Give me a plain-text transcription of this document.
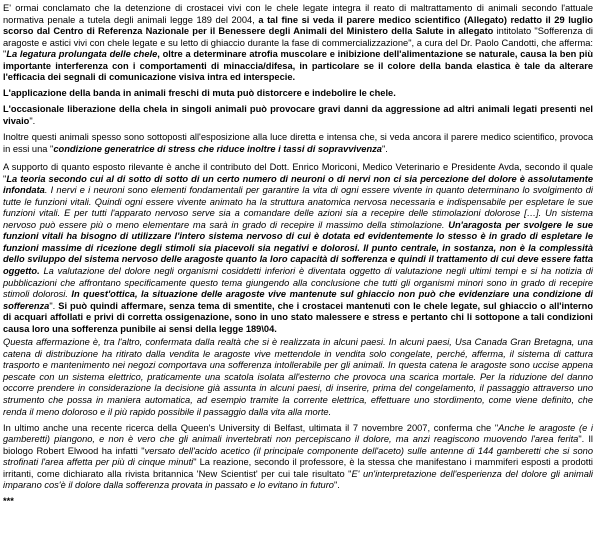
E' ormai conclamato che la detenzione di crostacei vivi con le chele legate integra il reato di maltrattamento di animali secondo l'attuale normativa penale a tutela degli animali legge 189 del 2004, a tal fine si veda il parere medico scientifico (Allegato) redatto il 29 luglio scorso dal Centro di Referenza Nazionale per il Benessere degli Animali del Ministero della Salute in allegato intitolato "Sofferenza di aragoste e astici vivi con chele legate e su letto di ghiaccio durante la fase di commercializzazione", a cura del Dr. Paolo Candotti, che afferma: "La legatura prolungata delle chele, oltre a determinare atrofia muscolare e inibizione dell'alimentazione se naturale, causa la ben più importante interferenza con i comportamenti di minaccia/difesa, in particolare se il colore della banda elastica è tale da alterare l'efficacia dei segnali di comunicazione visiva intra ed interspecie.

L'applicazione della banda in animali freschi di muta può distorcere e indebolire le chele.

L'occasionale liberazione della chela in singoli animali può provocare gravi danni da aggressione ad altri animali legati presenti nel vivaio".

Inoltre questi animali spesso sono sottoposti all'esposizione alla luce diretta e intensa che, si veda ancora il parere medico scientifico, provoca in essi una "condizione generatrice di stress che riduce inoltre i tassi di sopravvivenza".

A supporto di quanto esposto rilevante è anche il contributo del Dott. Enrico Moriconi, Medico Veterinario e Presidente Avda, secondo il quale "La teoria secondo cui al di sotto di sotto di un certo numero di neuroni o di nervi non ci sia percezione del dolore è assolutamente infondata. I nervi e i neuroni sono elementi fondamentali per garantire la vita di ogni essere vivente in quanto determinano lo svolgimento di tutte le funzioni vitali. Quindi ogni essere vivente animato ha la struttura anatomica nervosa necessaria e indispensabile per espletare le sue funzioni vitali. E per tutti l'apparato nervoso serve sia a comandare delle azioni sia a recepire delle stimolazioni dolorose […]. Un sistema nervoso può essere più o meno elementare ma sarà in grado di recepire il massimo della stimolazione. Un'aragosta per svolgere le sue funzioni vitali ha bisogno di utilizzare l'intero sistema nervoso di cui è dotata ed evidentemente lo stesso è in grado di espletare le funzioni massime di ricezione degli stimoli sia piacevoli sia negativi e dolorosi. Il punto centrale, in sostanza, non è la complessità dello sviluppo del sistema nervoso delle aragoste quanto la loro capacità di sofferenza e quindi il trattamento di cui deve essere fatta oggetto. La valutazione del dolore negli organismi cosiddetti inferiori è diventata oggetto di valutazione negli ultimi tempi e si ha notizia di pubblicazioni che affrontano specificamente questo tema giungendo alla conclusione che tutti gli organismi minori sono in grado di recepire stimoli dolorosi. In quest'ottica, la situazione delle aragoste vive mantenute sul ghiaccio non può che evidenziare una condizione di sofferenza". Si può quindi affermare, senza tema di smentite, che i crostacei mantenuti con le chele legate, sul ghiaccio o all'interno di acquari affollati e privi di corretta ossigenazione, sono in uno stato malessere e stress e pertanto chi li sottopone a tali condizioni causa loro una sofferenza punibile ai sensi della legge 189\04.

Questa affermazione è, tra l'altro, confermata dalla realtà che si è realizzata in alcuni paesi. In alcuni paesi, Usa Canada Gran Bretagna, una catena di distribuzione ha ritirato dalla vendita le aragoste vive mettendole in vendita solo congelate, perché, afferma, il sistema di cattura trasporto e mantenimento nei negozi comportava una sofferenza intollerabile per gli animali. In questa catena le aragoste sono uccise appena pescate con un sistema elettrico, praticamente una scatola isolata all'esterno che provoca una scarica mortale. Per la riduzione del danno occorre prendere in considerazione la decisione già assunta in alcuni paesi, di inserire, prima del congelamento, il passaggio attraverso uno strumento che possa in maniera automatica, ad esempio tramite la corrente elettrica, effettuare uno stordimento, come viene definito, che renda il meno doloroso e il più rapido possibile il passaggio dalla vita alla morte.

In ultimo anche una recente ricerca della Queen's University di Belfast, ultimata il 7 novembre 2007, conferma che "Anche le aragoste (e i gamberetti) piangono, e non è vero che gli animali invertebrati non percepiscano il dolore, ma anzi reagiscono muovendo l'area ferita". Il biologo Robert Elwood ha infatti "versato dell'acido acetico (il principale componente dell'aceto) sulle antenne di 144 gamberetti che si sono strofinati l'area affetta per più di cinque minuti" La reazione, secondo il professore, è la stessa che manifestano i mammiferi esposti a prodotti irritanti, come dichiarato alla rivista britannica 'New Scientist' per cui tale risultato "E' un'interpretazione dell'esperienza del dolore gli animali imparano cos'è il dolore dalla sofferenza provata in passato e lo evitano in futuro".

***
